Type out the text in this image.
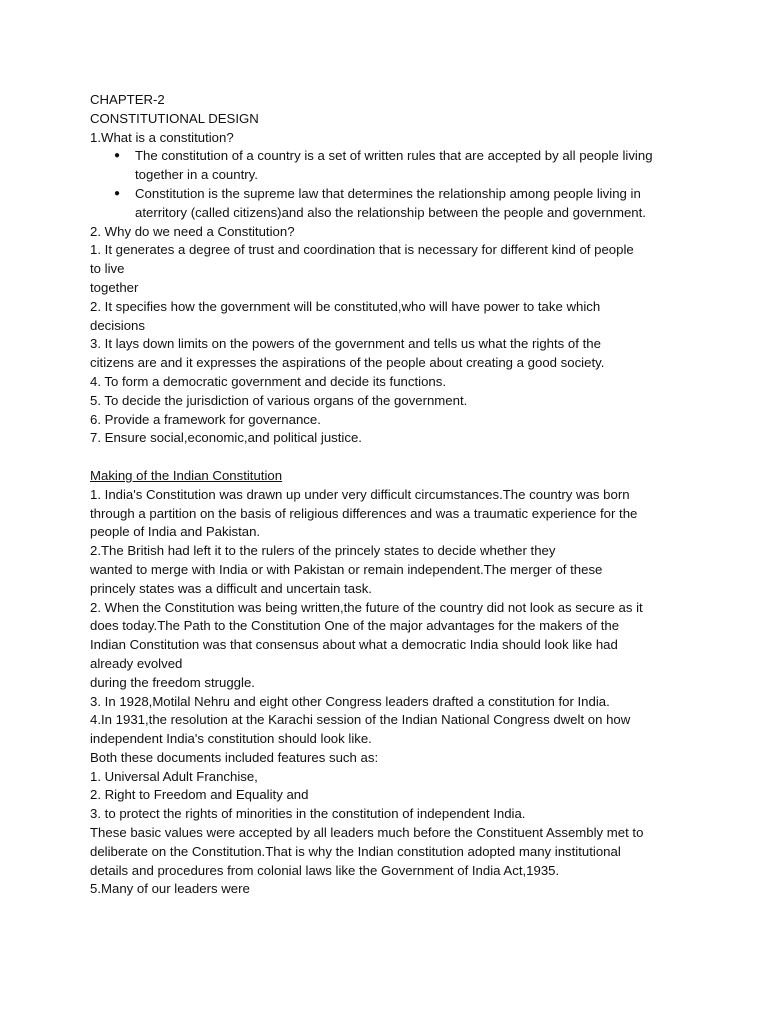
CHAPTER-2

CONSTITUTIONAL DESIGN

1.What is a constitution?

● The constitution of a country is a set of written rules that are accepted by all people living

together in a country.

● Constitution is the supreme law that determines the relationship among people living in

aterritory (called citizens)and also the relationship between the people and government.

2. Why do we need a Constitution?

1. It generates a degree of trust and coordination that is necessary for different kind of people

to live

together

2. It specifies how the government will be constituted,who will have power to take which

decisions

3. It lays down limits on the powers of the government and tells us what the rights of the

citizens are and it expresses the aspirations of the people about creating a good society.

4. To form a democratic government and decide its functions.

5. To decide the jurisdiction of various organs of the government.

6. Provide a framework for governance.

7. Ensure social,economic,and political justice.

Making of the Indian Constitution

1. India's Constitution was drawn up under very difficult circumstances.The country was born

through a partition on the basis of religious differences and was a traumatic experience for the

people of India and Pakistan.

2.The British had left it to the rulers of the princely states to decide whether they

wanted to merge with India or with Pakistan or remain independent.The merger of these

princely states was a difficult and uncertain task.

2. When the Constitution was being written,the future of the country did not look as secure as it

does today.The Path to the Constitution One of the major advantages for the makers of the

Indian Constitution was that consensus about what a democratic India should look like had

already evolved

during the freedom struggle.

3. In 1928,Motilal Nehru and eight other Congress leaders drafted a constitution for India.

4.In 1931,the resolution at the Karachi session of the Indian National Congress dwelt on how

independent India's constitution should look like.

Both these documents included features such as:

1. Universal Adult Franchise,

2. Right to Freedom and Equality and

3. to protect the rights of minorities in the constitution of independent India.

These basic values were accepted by all leaders much before the Constituent Assembly met to

deliberate on the Constitution.That is why the Indian constitution adopted many institutional

details and procedures from colonial laws like the Government of India Act,1935.

5.Many of our leaders were
